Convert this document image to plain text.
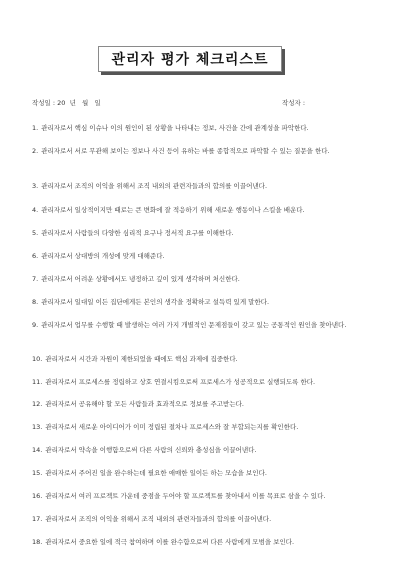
관리자 평가 체크리스트
작성일 : 20  년   월   일	작성자 :
1. 관리자로서 핵심 이슈나 이의 원인이 된 상황을 나타내는 정보, 사건을 간에 관계성을 파악한다.
2. 관리자로서 서로 무관해 보이는 정보나 사건 등이 유하는 바를 종합적으로 파악할 수 있는 질문을 한다.
3. 관리자로서 조직의 이익을 위해서 조직 내외의 관련자들과의 합의를 이끌어낸다.
4. 관리자로서 일상적이지만 때로는 큰 변화에 잘 적응하기 위해 새로운 행동이나 스킬을 배운다.
5. 관리자로서 사람들의 다양한 심리적 요구나 정서적 요구를 이해한다.
6. 관리자로서 상대방의 개성에 맞게 대해준다.
7. 관리자로서 어려운 상황에서도 냉정하고 깊이 있게 생각하며 처신한다.
8. 관리자로서 일대일 이든 집단에게든 본인의 생각을 정확하고 설득력 있게 말한다.
9. 관리자로서 업무를 수행할 때 발생하는 여러 가지 개별적인 문제점들이 갖고 있는 공통적인 원인을 찾아낸다.
10. 관리자로서 시간과 자원이 제한되었을 때에도 핵심 과제에 집중한다.
11. 관리자로서 프로세스를 정립하고 상호 연결시킴으로써 프로세스가 성공적으로 실행되도록 한다.
12. 관리자로서 공유해야 할 모든 사람들과 효과적으로 정보를 주고받는다.
13. 관리자로서 새로운 아이디어가 이미 정립된 절차나 프로세스와 잘 부합되는지를 확인한다.
14. 관리자로서 약속을 이행함으로써 다른 사람의 신뢰와 충성심을 이끌어낸다.
15. 관리자로서 주어진 일을 완수하는데 필요한 애매한 일이든 하는 모습을 보인다.
16. 관리자로서 여러 프로젝트 가운데 중점을 두어야 할 프로젝트를 찾아내서 이를 목표로 삼을 수 있다.
17. 관리자로서 조직의 이익을 위해서 조직 내외의 관련자들과의 합의를 이끌어낸다.
18. 관리자로서 중요한 일에 적극 참여하며 이를 완수함으로써 다른 사람에게 모범을 보인다.
